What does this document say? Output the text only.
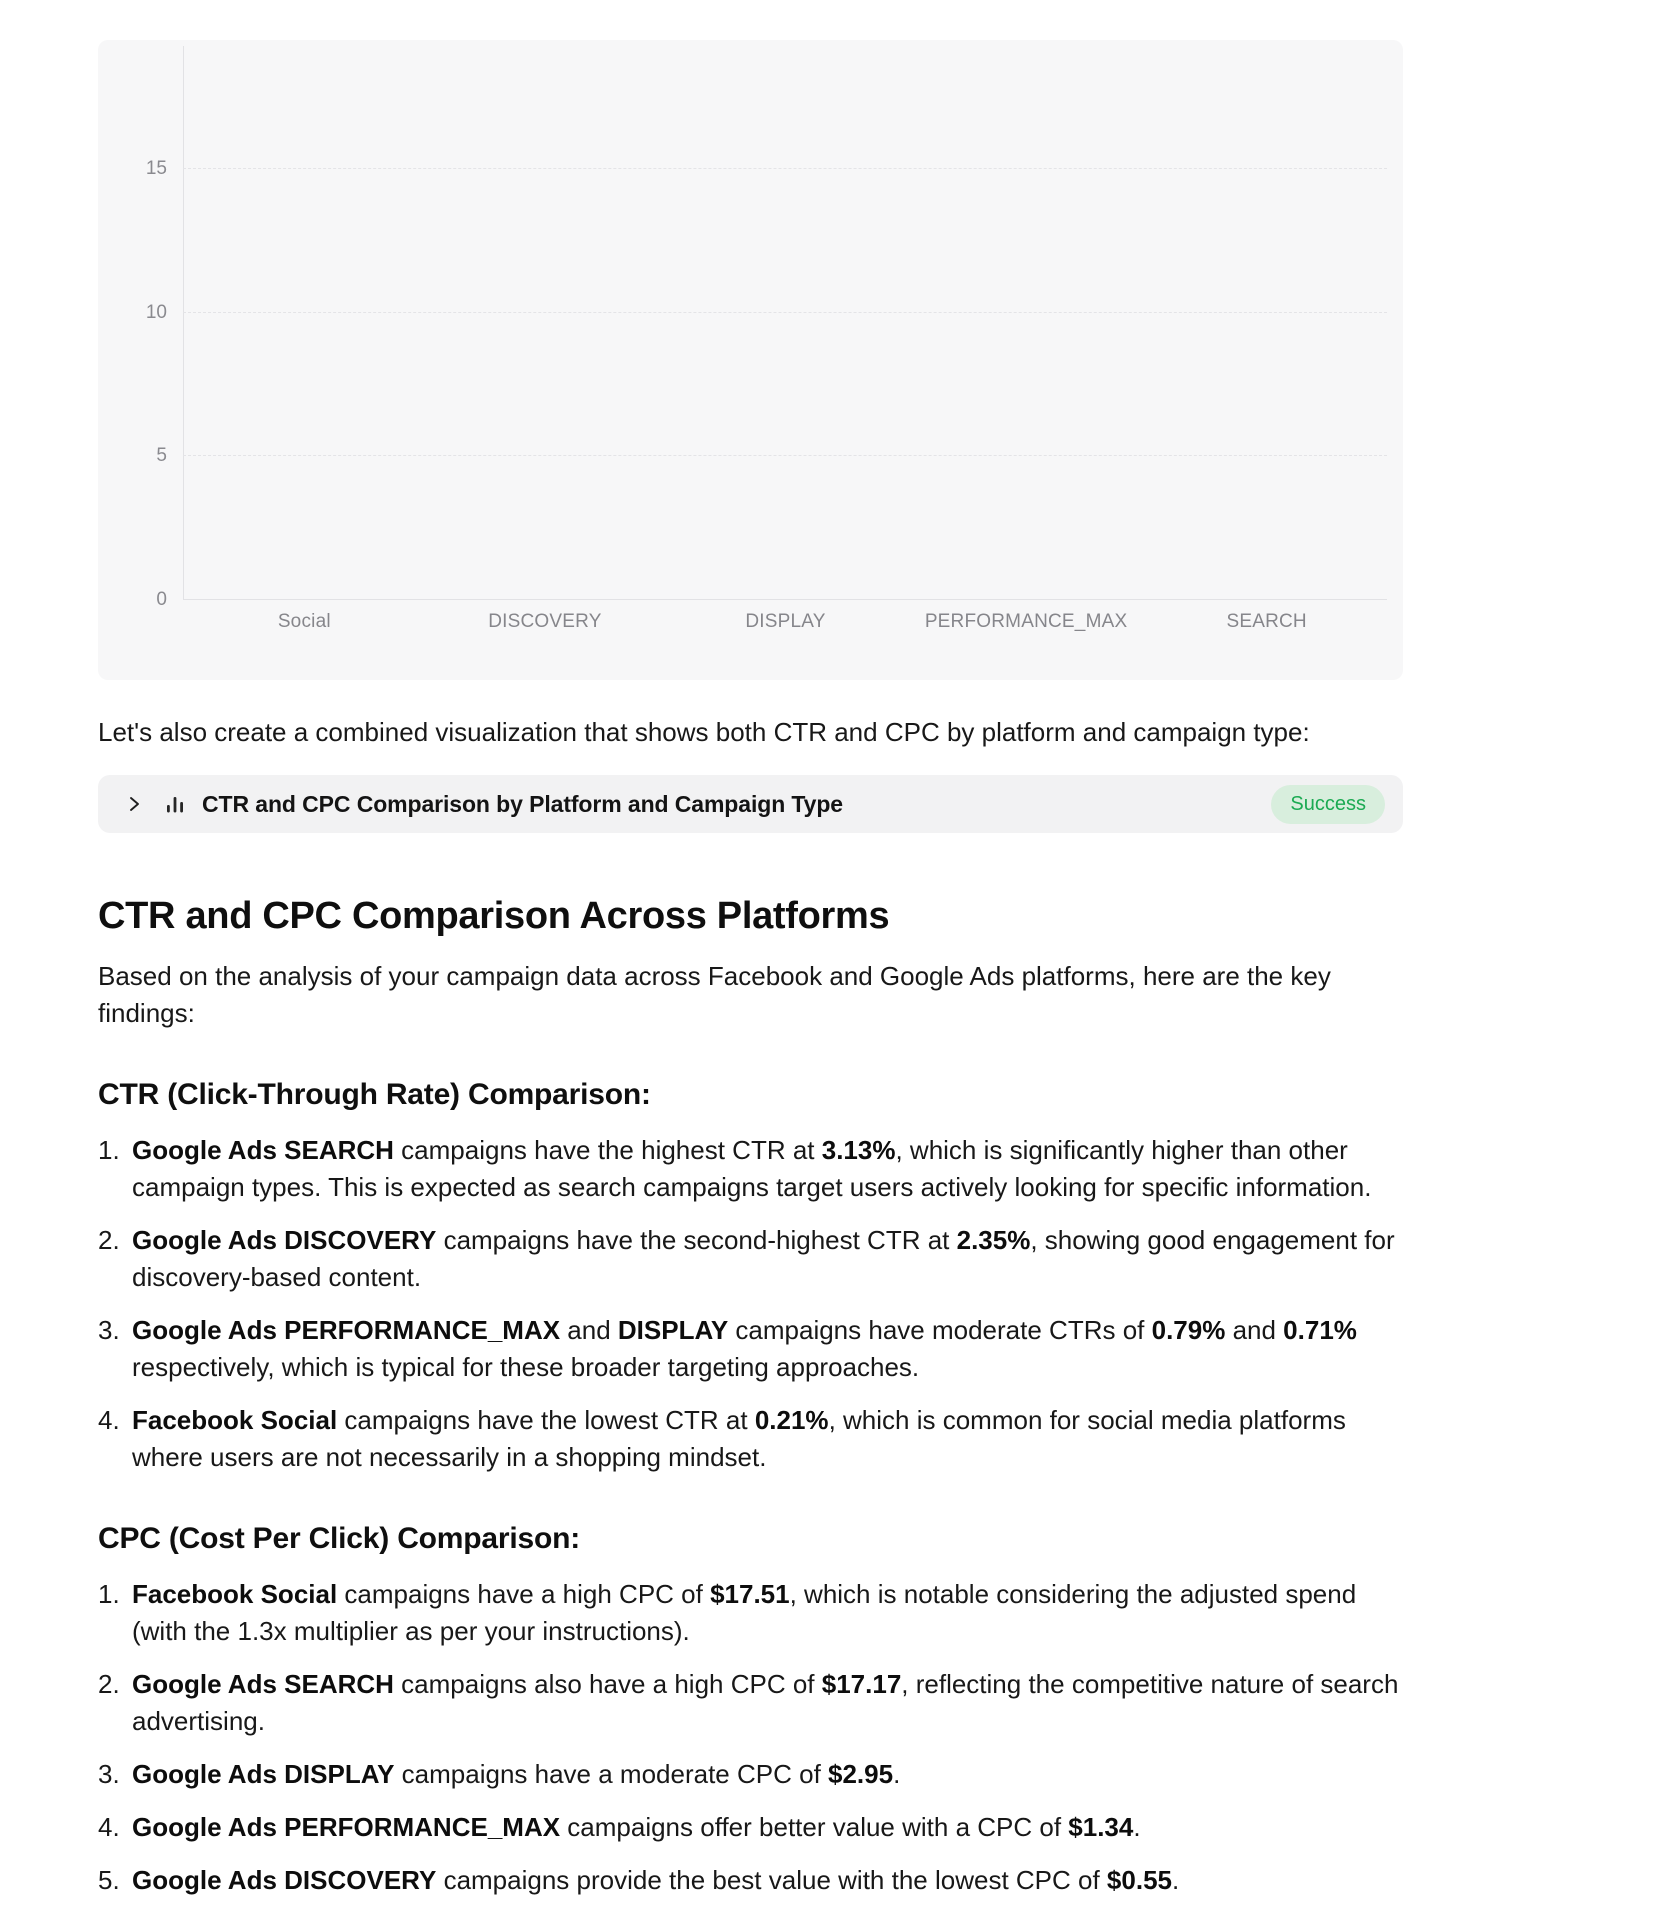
0
5
10
15
Social	DISCOVERY	DISPLAY	PERFORMANCE_MAX	SEARCH

Let's also create a combined visualization that shows both CTR and CPC by platform and campaign type:

CTR and CPC Comparison by Platform and Campaign Type	Success
CTR and CPC Comparison Across Platforms

Based on the analysis of your campaign data across Facebook and Google Ads platforms, here are the key findings:

CTR (Click-Through Rate) Comparison:
1. Google Ads SEARCH campaigns have the highest CTR at 3.13%, which is significantly higher than other campaign types. This is expected as search campaigns target users actively looking for specific information.
2. Google Ads DISCOVERY campaigns have the second-highest CTR at 2.35%, showing good engagement for discovery-based content.
3. Google Ads PERFORMANCE_MAX and DISPLAY campaigns have moderate CTRs of 0.79% and 0.71% respectively, which is typical for these broader targeting approaches.
4. Facebook Social campaigns have the lowest CTR at 0.21%, which is common for social media platforms where users are not necessarily in a shopping mindset.
CPC (Cost Per Click) Comparison:
1. Facebook Social campaigns have a high CPC of $17.51, which is notable considering the adjusted spend (with the 1.3x multiplier as per your instructions).
2. Google Ads SEARCH campaigns also have a high CPC of $17.17, reflecting the competitive nature of search advertising.
3. Google Ads DISPLAY campaigns have a moderate CPC of $2.95.
4. Google Ads PERFORMANCE_MAX campaigns offer better value with a CPC of $1.34.
5. Google Ads DISCOVERY campaigns provide the best value with the lowest CPC of $0.55.
